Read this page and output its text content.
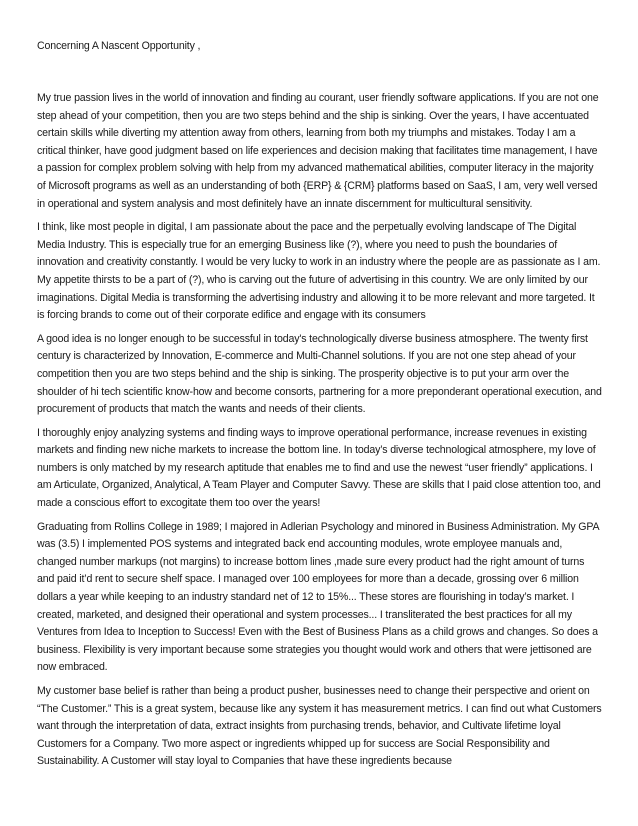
Concerning A Nascent Opportunity ,

My true passion lives in the world of innovation and finding au courant, user friendly software applications. If you are not one step ahead of your competition, then you are two steps behind and the ship is sinking. Over the years, I have accentuated certain skills while diverting my attention away from others, learning from both my triumphs and mistakes. Today I am a critical thinker, have good judgment based on life experiences and decision making that facilitates time management, I have a passion for complex problem solving with help from my advanced mathematical abilities, computer literacy in the majority of Microsoft programs as well as an understanding of both {ERP} & {CRM} platforms based on SaaS, I am, very well versed in operational and system analysis and most definitely have an innate discernment for multicultural sensitivity.

I think, like most people in digital, I am passionate about the pace and the perpetually evolving landscape of The Digital Media Industry. This is especially true for an emerging Business like (?), where you need to push the boundaries of innovation and creativity constantly. I would be very lucky to work in an industry where the people are as passionate as I am. My appetite thirsts to be a part of (?), who is carving out the future of advertising in this country. We are only limited by our imaginations. Digital Media is transforming the advertising industry and allowing it to be more relevant and more targeted. It is forcing brands to come out of their corporate edifice and engage with its consumers

A good idea is no longer enough to be successful in today's technologically diverse business atmosphere. The twenty first century is characterized by Innovation, E-commerce and Multi-Channel solutions. If you are not one step ahead of your competition then you are two steps behind and the ship is sinking. The prosperity objective is to put your arm over the shoulder of hi tech scientific know-how and become consorts, partnering for a more preponderant operational execution, and procurement of products that match the wants and needs of their clients.

I thoroughly enjoy analyzing systems and finding ways to improve operational performance, increase revenues in existing markets and finding new niche markets to increase the bottom line. In today’s diverse technological atmosphere, my love of numbers is only matched by my research aptitude that enables me to find and use the newest “user friendly” applications. I am Articulate, Organized, Analytical, A Team Player and Computer Savvy. These are skills that I paid close attention too, and made a conscious effort to excogitate them too over the years!

Graduating from Rollins College in 1989; I majored in Adlerian Psychology and minored in Business Administration. My GPA was (3.5) I implemented POS systems and integrated back end accounting modules, wrote employee manuals and, changed number markups (not margins) to increase bottom lines ,made sure every product had the right amount of turns and paid it’d rent to secure shelf space. I managed over 100 employees for more than a decade, grossing over 6 million dollars a year while keeping to an industry standard net of 12 to 15%... These stores are flourishing in today’s market. I created, marketed, and designed their operational and system processes... I transliterated the best practices for all my Ventures from Idea to Inception to Success! Even with the Best of Business Plans as a child grows and changes. So does a business. Flexibility is very important because some strategies you thought would work and others that were jettisoned are now embraced.

My customer base belief is rather than being a product pusher, businesses need to change their perspective and orient on “The Customer.” This is a great system, because like any system it has measurement metrics. I can find out what Customers want through the interpretation of data, extract insights from purchasing trends, behavior, and Cultivate lifetime loyal Customers for a Company. Two more aspect or ingredients whipped up for success are Social Responsibility and Sustainability. A Customer will stay loyal to Companies that have these ingredients because
